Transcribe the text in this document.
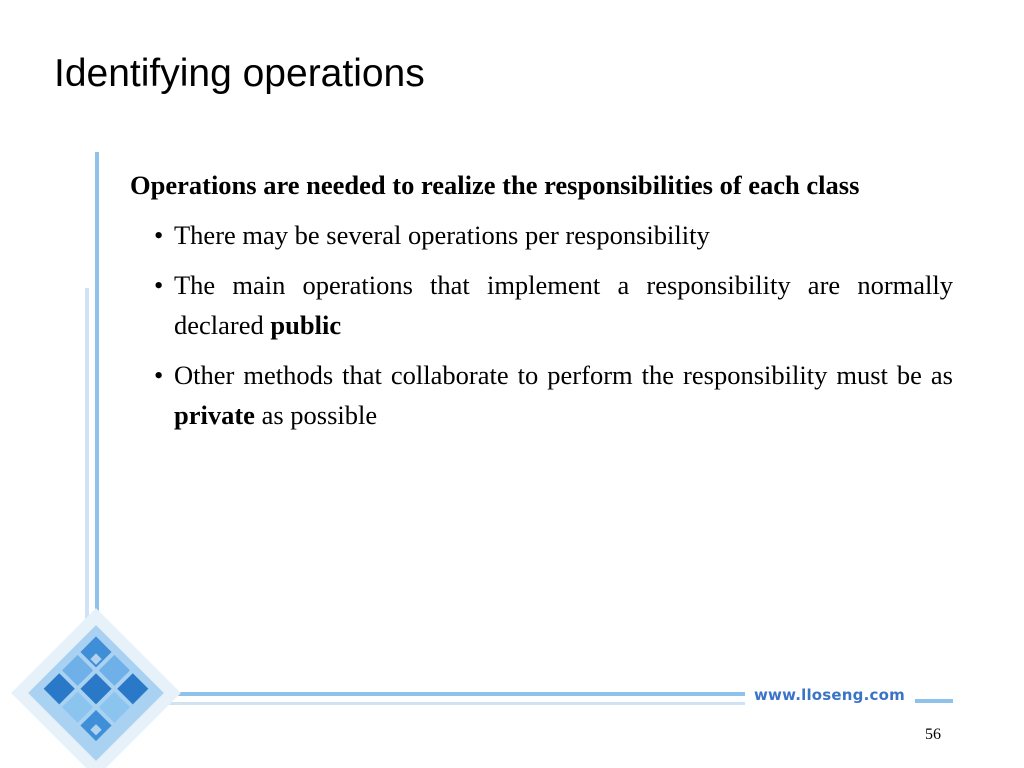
Identifying operations

Operations are needed to realize the responsibilities of each class

• There may be several operations per responsibility
• The main operations that implement a responsibility are normally declared public
• Other methods that collaborate to perform the responsibility must be as private as possible
www.lloseng.com
56
